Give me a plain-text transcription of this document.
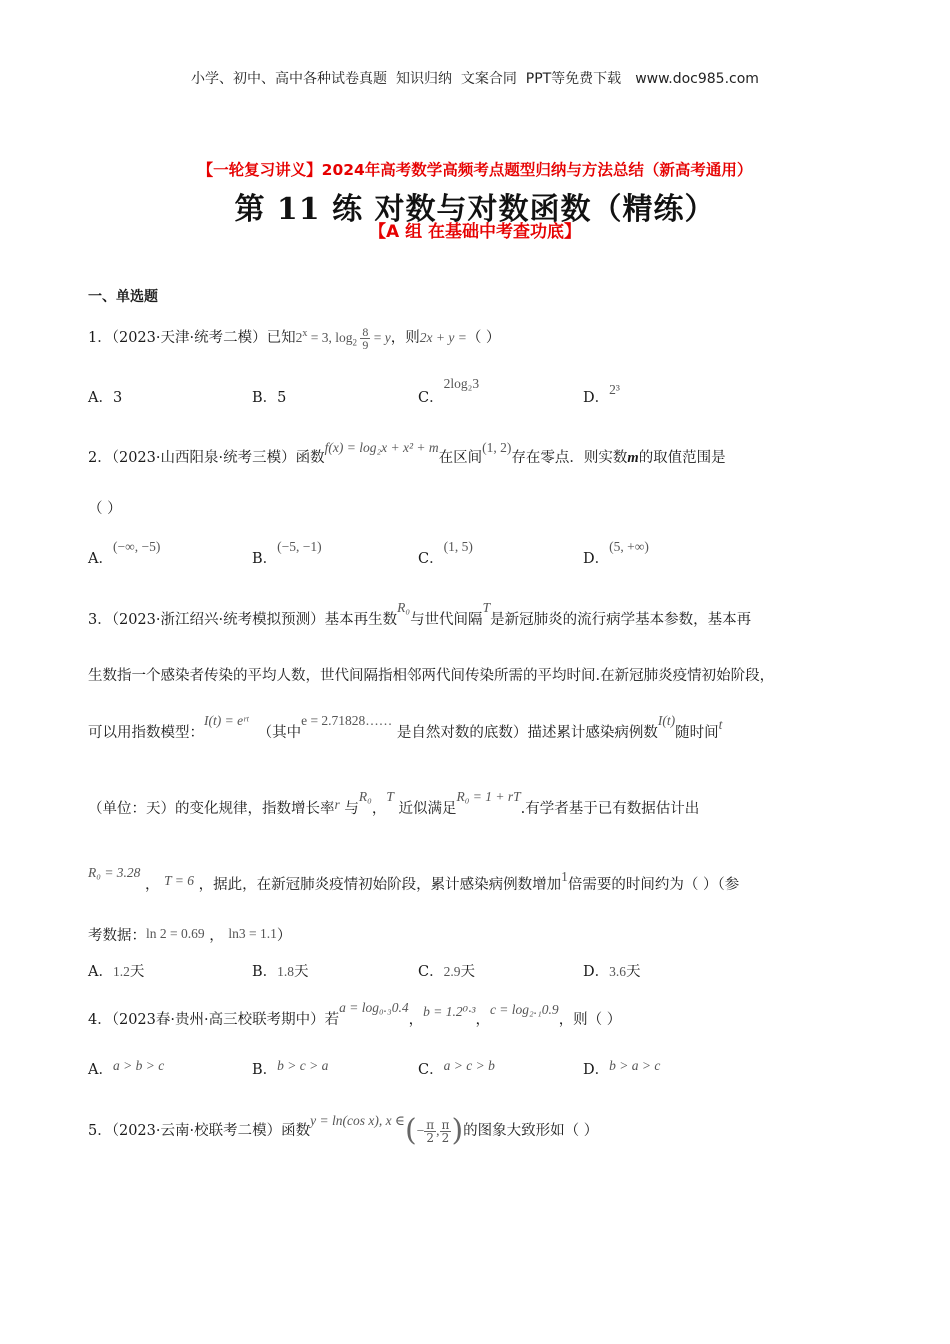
小学、初中、高中各种试卷真题  知识归纳  文案合同  PPT等免费下载 www.doc985.com
【一轮复习讲义】2024年高考数学高频考点题型归纳与方法总结（新高考通用）
第 11 练 对数与对数函数（精练）
【A 组 在基础中考查功底】
一、单选题
1．（2023·天津·统考二模）已知$2^x = 3$, $\log_2 \frac{8}{9} = y$，则2x + y =（ ）
A．3	B．5	C．2log₂3
D．2³
2．（2023·山西阳泉·统考三模）函数f(x) = log₂x + x² + m在区间(1, 2)存在零点．则实数m的取值范围是
（ ）
A．(−∞, −5)
B．(−5, −1)
C．(1, 5)
D．(5, +∞)
3．（2023·浙江绍兴·统考模拟预测）基本再生数R₀与世代间隔T是新冠肺炎的流行病学基本参数，基本再
生数指一个感染者传染的平均人数，世代间隔指相邻两代间传染所需的平均时间.在新冠肺炎疫情初始阶段，
可以用指数模型：I(t) = eʳᵗ  （其中e = 2.71828…… 是自然对数的底数）描述累计感染病例数I(t)随时间t
（单位：天）的变化规律，指数增长率r 与R₀，T 近似满足R₀ = 1 + rT.有学者基于已有数据估计出
R₀ = 3.28 ， T = 6 ，据此，在新冠肺炎疫情初始阶段，累计感染病例数增加1倍需要的时间约为（ ）（参
考数据：ln 2 = 0.69 ， ln3 = 1.1）
A．1.2天	B．1.8天	C．2.9天	D．3.6天
4．（2023春·贵州·高三校联考期中）若a = log₀.₃0.4，b = 1.2⁰·³，c = log₂.₁0.9，则（ ）
A．a > b > c	B．b > c > a	C．a > c > b	D．b > a > c
5．（2023·云南·校联考二模）函数y = ln(cos x), x ∈(− $\frac{\pi}{2}$ , $\frac{\pi}{2}$ )的图象大致形如（ ）
